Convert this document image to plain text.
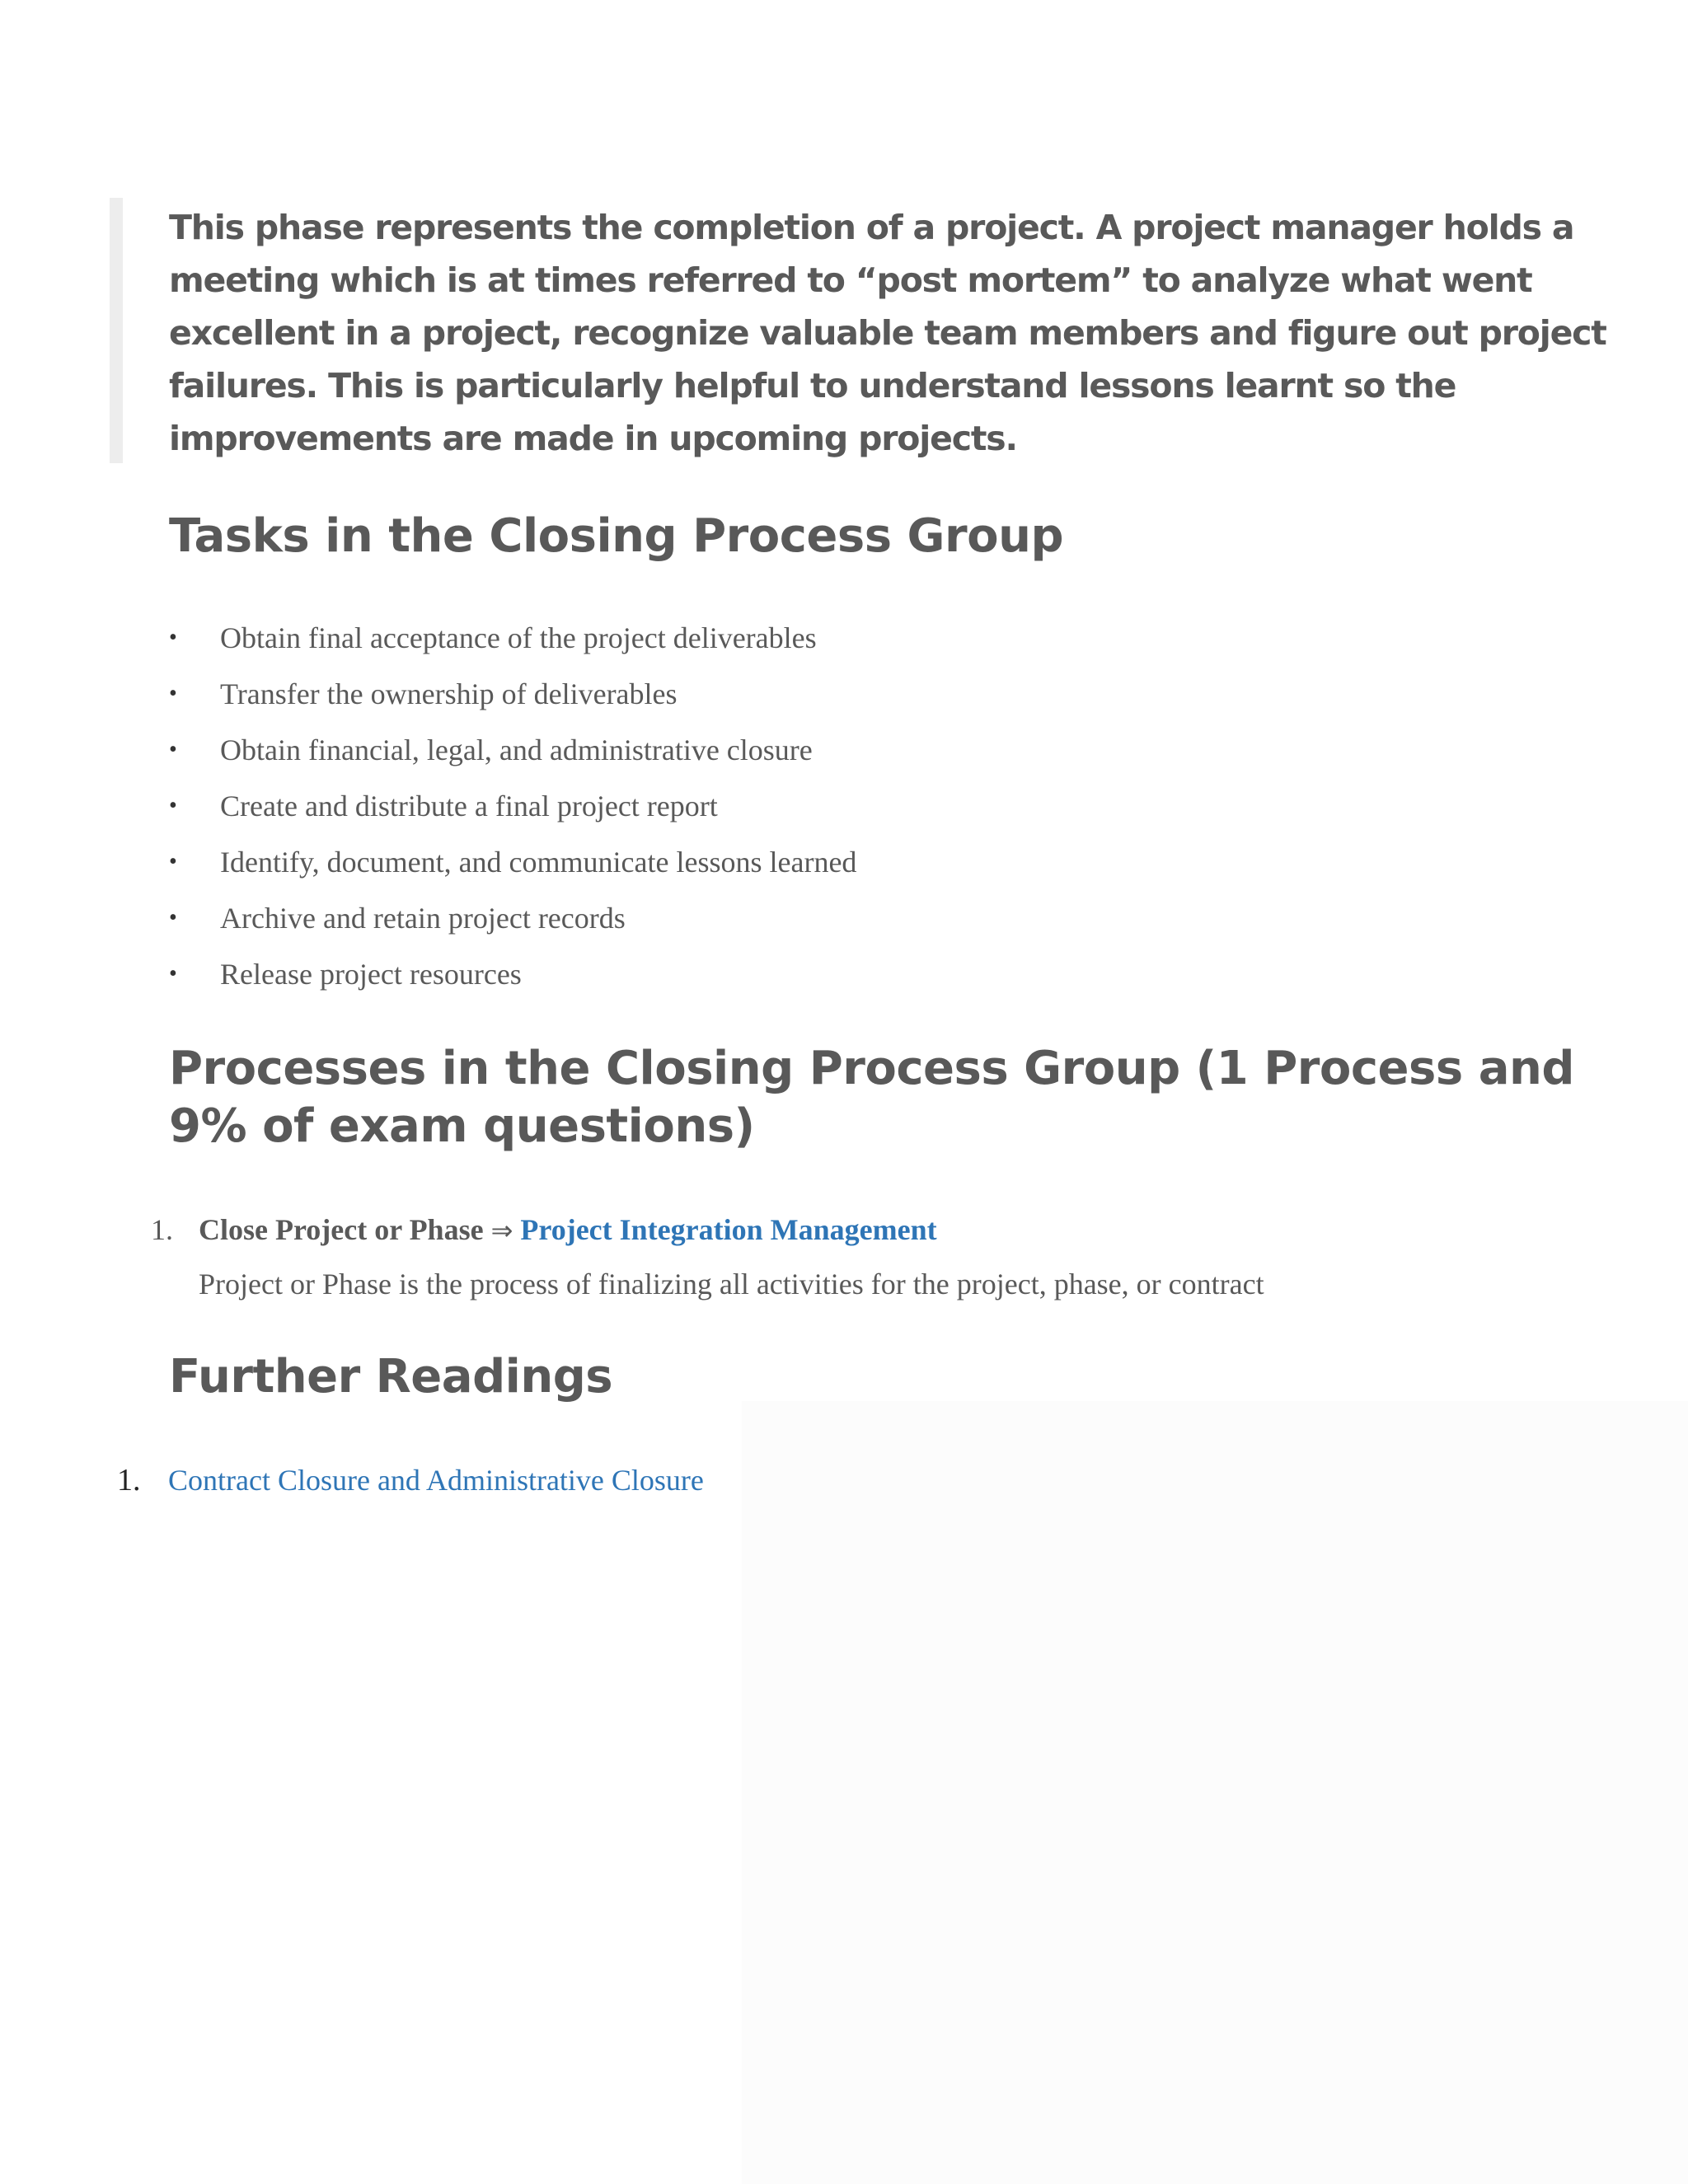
This phase represents the completion of a project. A project manager holds a meeting which is at times referred to “post mortem” to analyze what went excellent in a project, recognize valuable team members and figure out project failures. This is particularly helpful to understand lessons learnt so the improvements are made in upcoming projects.

Tasks in the Closing Process Group
• Obtain final acceptance of the project deliverables
• Transfer the ownership of deliverables
• Obtain financial, legal, and administrative closure
• Create and distribute a final project report
• Identify, document, and communicate lessons learned
• Archive and retain project records
• Release project resources
Processes in the Closing Process Group (1 Process and 9% of exam questions)
1. Close Project or Phase ⇒ Project Integration Management
Project or Phase is the process of finalizing all activities for the project, phase, or contract
Further Readings
1. Contract Closure and Administrative Closure
